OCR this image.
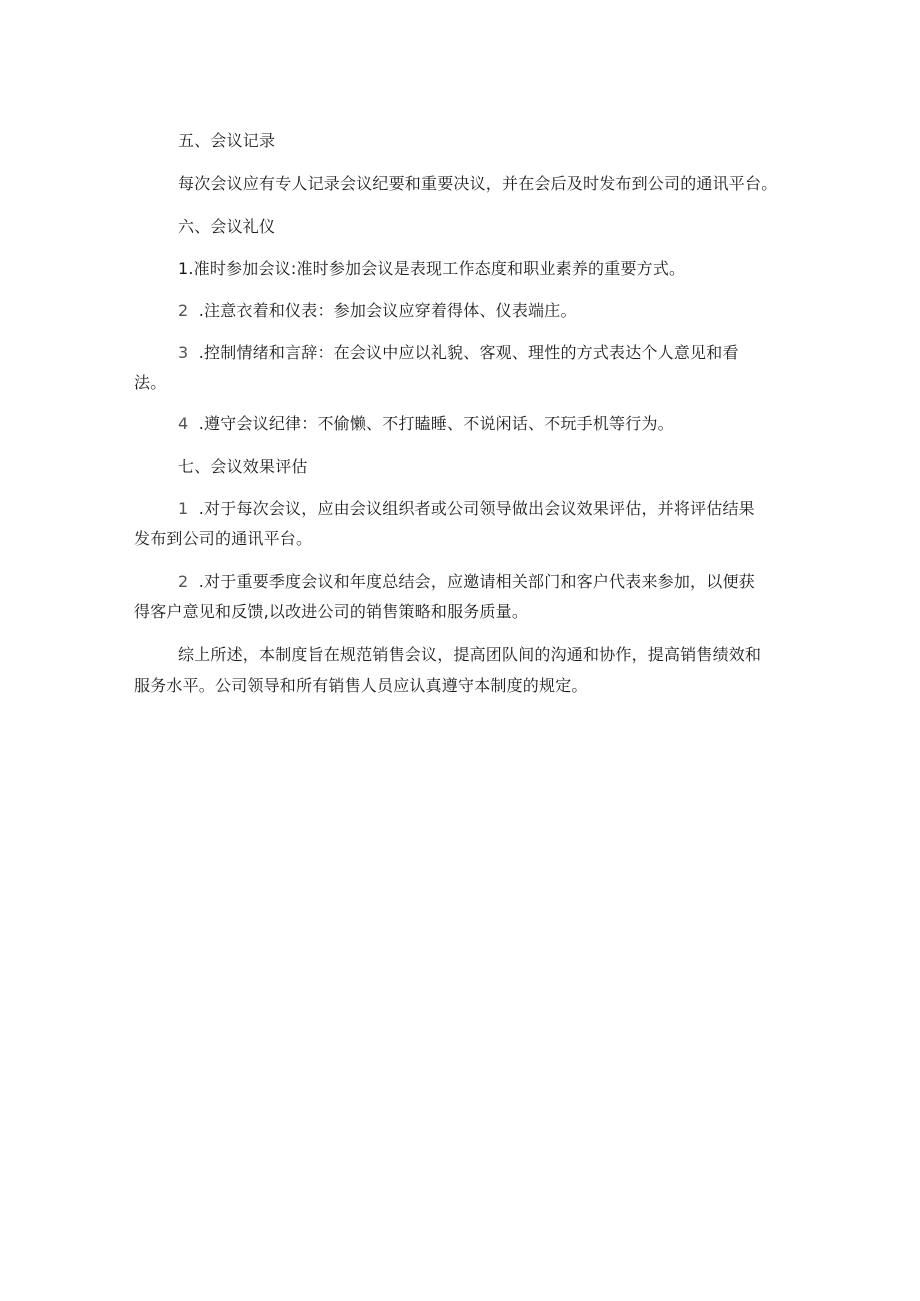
五、会议记录
每次会议应有专人记录会议纪要和重要决议，并在会后及时发布到公司的通讯平台。
六、会议礼仪
1.准时参加会议:准时参加会议是表现工作态度和职业素养的重要方式。
2 .注意衣着和仪表：参加会议应穿着得体、仪表端庄。
3 .控制情绪和言辞：在会议中应以礼貌、客观、理性的方式表达个人意见和看
法。
4 .遵守会议纪律：不偷懒、不打瞌睡、不说闲话、不玩手机等行为。
七、会议效果评估
1 .对于每次会议，应由会议组织者或公司领导做出会议效果评估，并将评估结果
发布到公司的通讯平台。
2 .对于重要季度会议和年度总结会，应邀请相关部门和客户代表来参加，以便获
得客户意见和反馈,以改进公司的销售策略和服务质量。
综上所述，本制度旨在规范销售会议，提高团队间的沟通和协作，提高销售绩效和
服务水平。公司领导和所有销售人员应认真遵守本制度的规定。
